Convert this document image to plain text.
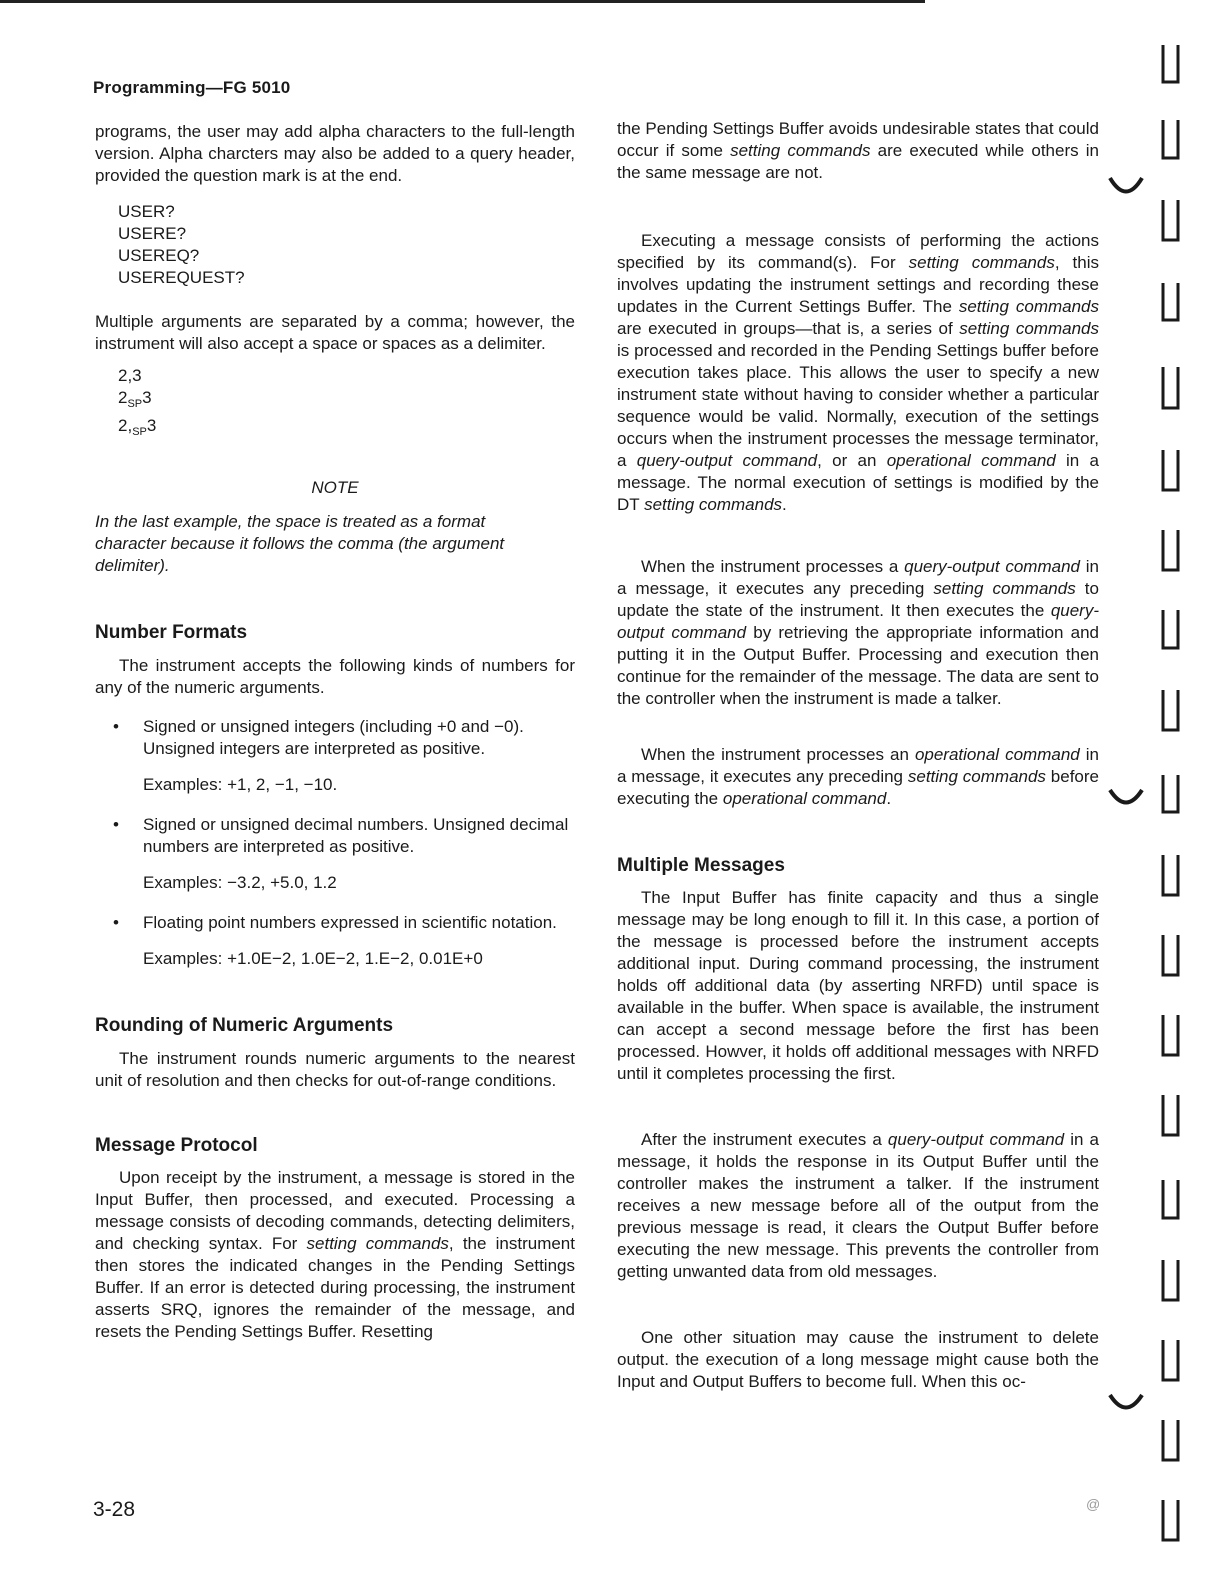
Programming—FG 5010

programs, the user may add alpha characters to the full-length version. Alpha charcters may also be added to a query header, provided the question mark is at the end.

USER?
USERE?
USEREQ?
USEREQUEST?

Multiple arguments are separated by a comma; however, the instrument will also accept a space or spaces as a delimiter.

2,3
$2_{SP}3$
$2,_{SP}3$

NOTE

In the last example, the space is treated as a format character because it follows the comma (the argument delimiter).

Number Formats

The instrument accepts the following kinds of numbers for any of the numeric arguments.

• Signed or unsigned integers (including +0 and −0). Unsigned integers are interpreted as positive.
Examples: +1, 2, −1, −10.
• Signed or unsigned decimal numbers. Unsigned decimal numbers are interpreted as positive.
Examples: −3.2, +5.0, 1.2
• Floating point numbers expressed in scientific notation.
Examples: +1.0E−2, 1.0E−2, 1.E−2, 0.01E+0
Rounding of Numeric Arguments

The instrument rounds numeric arguments to the nearest unit of resolution and then checks for out-of-range conditions.

Message Protocol

Upon receipt by the instrument, a message is stored in the Input Buffer, then processed, and executed. Processing a message consists of decoding commands, detecting delimiters, and checking syntax. For setting commands, the instrument then stores the indicated changes in the Pending Settings Buffer. If an error is detected during processing, the instrument asserts SRQ, ignores the remainder of the message, and resets the Pending Settings Buffer. Resetting

the Pending Settings Buffer avoids undesirable states that could occur if some setting commands are executed while others in the same message are not.

Executing a message consists of performing the actions specified by its command(s). For setting commands, this involves updating the instrument settings and recording these updates in the Current Settings Buffer. The setting commands are executed in groups—that is, a series of setting commands is processed and recorded in the Pending Settings buffer before execution takes place. This allows the user to specify a new instrument state without having to consider whether a particular sequence would be valid. Normally, execution of the settings occurs when the instrument processes the message terminator, a query-output command, or an operational command in a message. The normal execution of settings is modified by the DT setting commands.

When the instrument processes a query-output command in a message, it executes any preceding setting commands to update the state of the instrument. It then executes the query-output command by retrieving the appropriate information and putting it in the Output Buffer. Processing and execution then continue for the remainder of the message. The data are sent to the controller when the instrument is made a talker.

When the instrument processes an operational command in a message, it executes any preceding setting commands before executing the operational command.

Multiple Messages

The Input Buffer has finite capacity and thus a single message may be long enough to fill it. In this case, a portion of the message is processed before the instrument accepts additional input. During command processing, the instrument holds off additional data (by asserting NRFD) until space is available in the buffer. When space is available, the instrument can accept a second message before the first has been processed. Howver, it holds off additional messages with NRFD until it completes processing the first.

After the instrument executes a query-output command in a message, it holds the response in its Output Buffer until the controller makes the instrument a talker. If the instrument receives a new message before all of the output from the previous message is read, it clears the Output Buffer before executing the new message. This prevents the controller from getting unwanted data from old messages.

One other situation may cause the instrument to delete output. the execution of a long message might cause both the Input and Output Buffers to become full. When this oc-

3-28	@
